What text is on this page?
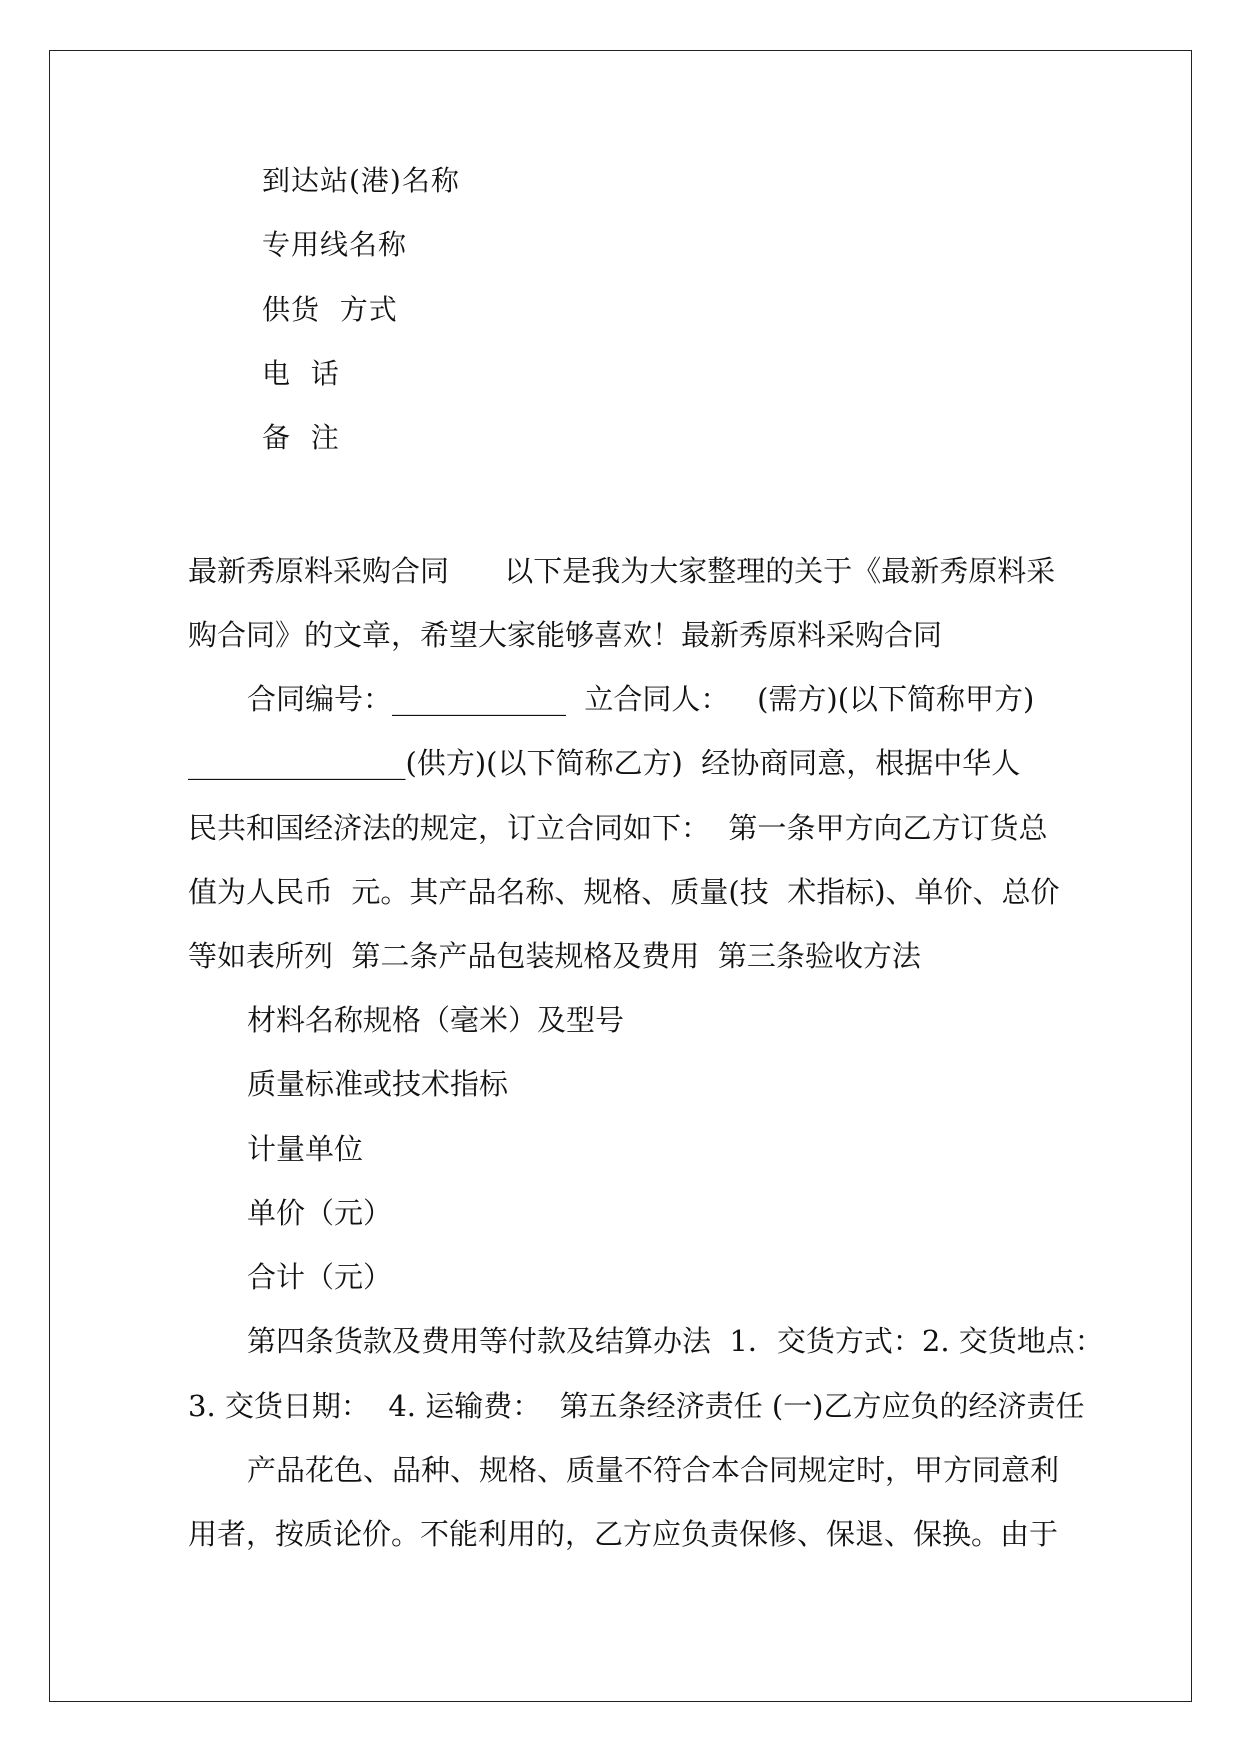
到达站(港)名称
专用线名称
供货  方式
电  话
备  注
最新秀原料采购合同      以下是我为大家整理的关于《最新秀原料采
购合同》的文章，希望大家能够喜欢！最新秀原料采购合同
合同编号：____________  立合同人：   (需方)(以下简称甲方)
_______________(供方)(以下简称乙方)  经协商同意，根据中华人
民共和国经济法的规定，订立合同如下：  第一条甲方向乙方订货总
值为人民币  元。其产品名称、规格、质量(技  术指标)、单价、总价
等如表所列  第二条产品包装规格及费用  第三条验收方法
材料名称规格（毫米）及型号
质量标准或技术指标
计量单位
单价（元）
合计（元）
第四条货款及费用等付款及结算办法  1．交货方式：2. 交货地点：
3. 交货日期：  4. 运输费：  第五条经济责任 (一)乙方应负的经济责任
产品花色、品种、规格、质量不符合本合同规定时，甲方同意利
用者，按质论价。不能利用的，乙方应负责保修、保退、保换。由于
